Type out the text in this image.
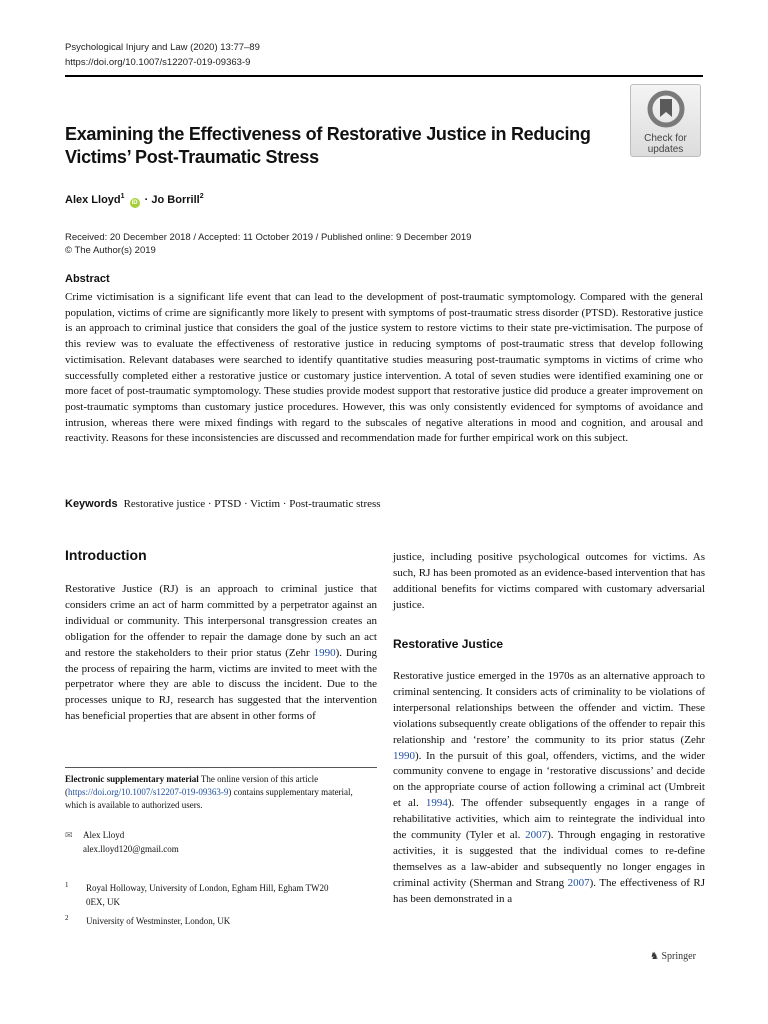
Psychological Injury and Law (2020) 13:77–89
https://doi.org/10.1007/s12207-019-09363-9
Check for
updates
Examining the Effectiveness of Restorative Justice in Reducing Victims’ Post-Traumatic Stress
Alex Lloyd$^1$ iD · Jo Borrill$^2$
Received: 20 December 2018 / Accepted: 11 October 2019 / Published online: 9 December 2019
© The Author(s) 2019
Abstract
Crime victimisation is a significant life event that can lead to the development of post-traumatic symptomology. Compared with the general population, victims of crime are significantly more likely to present with symptoms of post-traumatic stress disorder (PTSD). Restorative justice is an approach to criminal justice that considers the goal of the justice system to restore victims to their state pre-victimisation. The purpose of this review was to evaluate the effectiveness of restorative justice in reducing symptoms of post-traumatic stress that develop following victimisation. Relevant databases were searched to identify quantitative studies measuring post-traumatic symptoms in victims of crime who successfully completed either a restorative justice or customary justice intervention. A total of seven studies were identified examining one or more facet of post-traumatic symptomology. These studies provide modest support that restorative justice did produce a greater improvement on post-traumatic symptoms than customary justice procedures. However, this was only consistently evidenced for symptoms of avoidance and intrusion, whereas there were mixed findings with regard to the subscales of negative alterations in mood and cognition, and arousal and reactivity. Reasons for these inconsistencies are discussed and recommendation made for further empirical work on this subject.
Keywords Restorative justice · PTSD · Victim · Post-traumatic stress
Introduction
Restorative Justice (RJ) is an approach to criminal justice that considers crime an act of harm committed by a perpetrator against an individual or community. This interpersonal transgression creates an obligation for the offender to repair the damage done by such an act and restore the stakeholders to their prior status (Zehr 1990). During the process of repairing the harm, victims are invited to meet with the perpetrator where they are able to discuss the incident. Due to the processes unique to RJ, research has suggested that the intervention has beneficial properties that are absent in other forms of
justice, including positive psychological outcomes for victims. As such, RJ has been promoted as an evidence-based intervention that has additional benefits for victims compared with customary adversarial justice.
Restorative Justice
Restorative justice emerged in the 1970s as an alternative approach to criminal sentencing. It considers acts of criminality to be violations of interpersonal relationships between the offender and victim. These violations subsequently create obligations of the offender to repair this relationship and ‘restore’ the community to its prior status (Zehr 1990). In the pursuit of this goal, offenders, victims, and the wider community convene to engage in ‘restorative discussions’ and decide on the appropriate course of action following a criminal act (Umbreit et al. 1994). The offender subsequently engages in a range of rehabilitative activities, which aim to reintegrate the individual into the community (Tyler et al. 2007). Through engaging in restorative activities, it is suggested that the individual comes to re-define themselves as a law-abider and subsequently no longer engages in criminal activity (Sherman and Strang 2007). The effectiveness of RJ has been demonstrated in a
Electronic supplementary material The online version of this article (https://doi.org/10.1007/s12207-019-09363-9) contains supplementary material, which is available to authorized users.
✉ Alex Lloyd
alex.lloyd120@gmail.com
1 Royal Holloway, University of London, Egham Hill, Egham TW20
0EX, UK
2 University of Westminster, London, UK
♞ Springer
